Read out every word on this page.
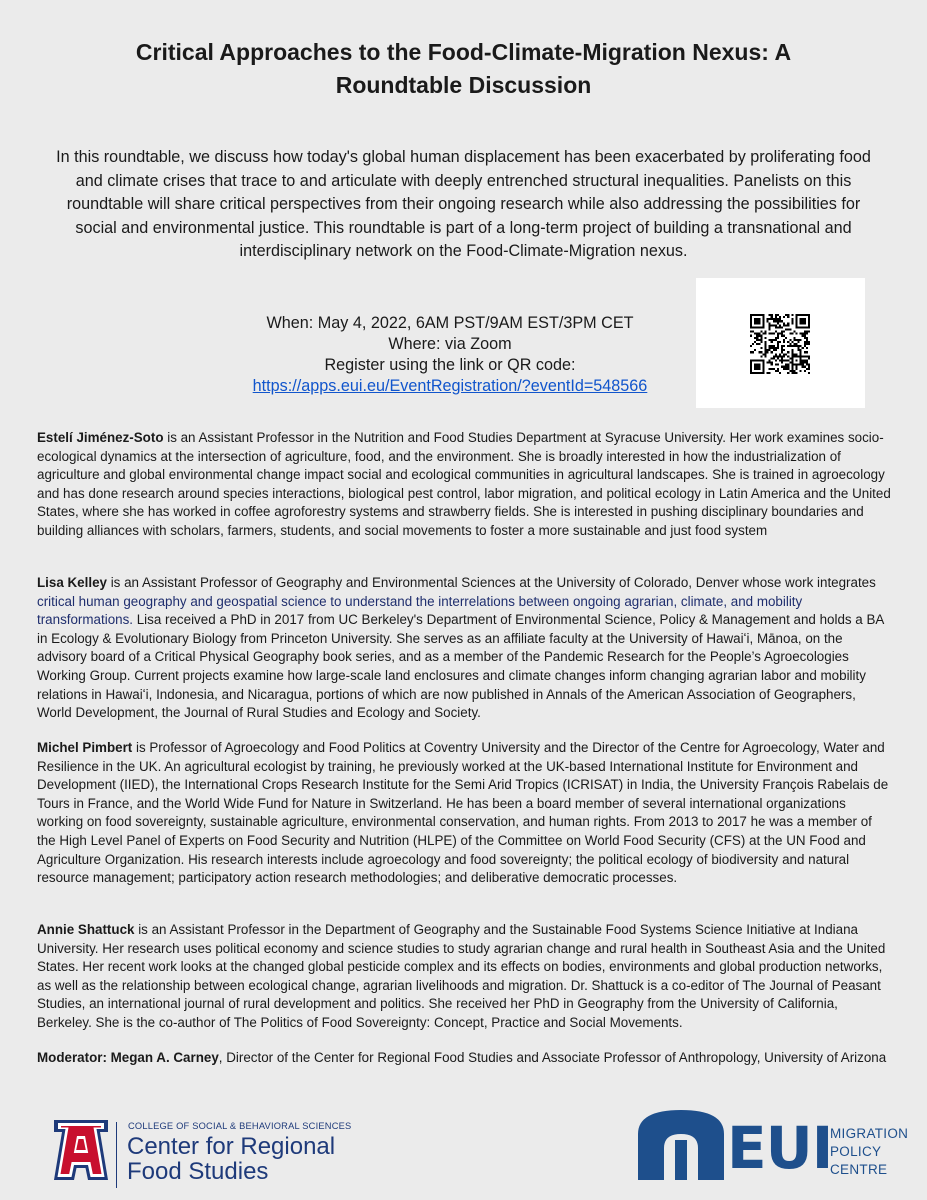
Critical Approaches to the Food-Climate-Migration Nexus: A
Roundtable Discussion

In this roundtable, we discuss how today's global human displacement has been exacerbated by proliferating food and climate crises that trace to and articulate with deeply entrenched structural inequalities. Panelists on this roundtable will share critical perspectives from their ongoing research while also addressing the possibilities for social and environmental justice. This roundtable is part of a long-term project of building a transnational and interdisciplinary network on the Food-Climate-Migration nexus.

When: May 4, 2022, 6AM PST/9AM EST/3PM CET
Where: via Zoom
Register using the link or QR code:
https://apps.eui.eu/EventRegistration/?eventId=548566

Estelí Jiménez-Soto is an Assistant Professor in the Nutrition and Food Studies Department at Syracuse University. Her work examines socio-ecological dynamics at the intersection of agriculture, food, and the environment. She is broadly interested in how the industrialization of agriculture and global environmental change impact social and ecological communities in agricultural landscapes. She is trained in agroecology and has done research around species interactions, biological pest control, labor migration, and political ecology in Latin America and the United States, where she has worked in coffee agroforestry systems and strawberry fields. She is interested in pushing disciplinary boundaries and building alliances with scholars, farmers, students, and social movements to foster a more sustainable and just food system

Lisa Kelley is an Assistant Professor of Geography and Environmental Sciences at the University of Colorado, Denver whose work integrates critical human geography and geospatial science to understand the interrelations between ongoing agrarian, climate, and mobility transformations. Lisa received a PhD in 2017 from UC Berkeley's Department of Environmental Science, Policy & Management and holds a BA in Ecology & Evolutionary Biology from Princeton University. She serves as an affiliate faculty at the University of Hawaiʻi, Mānoa, on the advisory board of a Critical Physical Geography book series, and as a member of the Pandemic Research for the People’s Agroecologies Working Group. Current projects examine how large-scale land enclosures and climate changes inform changing agrarian labor and mobility relations in Hawaiʻi, Indonesia, and Nicaragua, portions of which are now published in Annals of the American Association of Geographers, World Development, the Journal of Rural Studies and Ecology and Society.

Michel Pimbert is Professor of Agroecology and Food Politics at Coventry University and the Director of the Centre for Agroecology, Water and Resilience in the UK. An agricultural ecologist by training, he previously worked at the UK-based International Institute for Environment and Development (IIED), the International Crops Research Institute for the Semi Arid Tropics (ICRISAT) in India, the University François Rabelais de Tours in France, and the World Wide Fund for Nature in Switzerland. He has been a board member of several international organizations working on food sovereignty, sustainable agriculture, environmental conservation, and human rights. From 2013 to 2017 he was a member of the High Level Panel of Experts on Food Security and Nutrition (HLPE) of the Committee on World Food Security (CFS) at the UN Food and Agriculture Organization. His research interests include agroecology and food sovereignty; the political ecology of biodiversity and natural resource management; participatory action research methodologies; and deliberative democratic processes.

Annie Shattuck is an Assistant Professor in the Department of Geography and the Sustainable Food Systems Science Initiative at Indiana University. Her research uses political economy and science studies to study agrarian change and rural health in Southeast Asia and the United States. Her recent work looks at the changed global pesticide complex and its effects on bodies, environments and global production networks, as well as the relationship between ecological change, agrarian livelihoods and migration. Dr. Shattuck is a co-editor of The Journal of Peasant Studies, an international journal of rural development and politics. She received her PhD in Geography from the University of California, Berkeley. She is the co-author of The Politics of Food Sovereignty: Concept, Practice and Social Movements.

Moderator: Megan A. Carney, Director of the Center for Regional Food Studies and Associate Professor of Anthropology, University of Arizona

COLLEGE OF SOCIAL & BEHAVIORAL SCIENCES
Center for Regional
Food Studies	EUI
MIGRATION
POLICY
CENTRE
